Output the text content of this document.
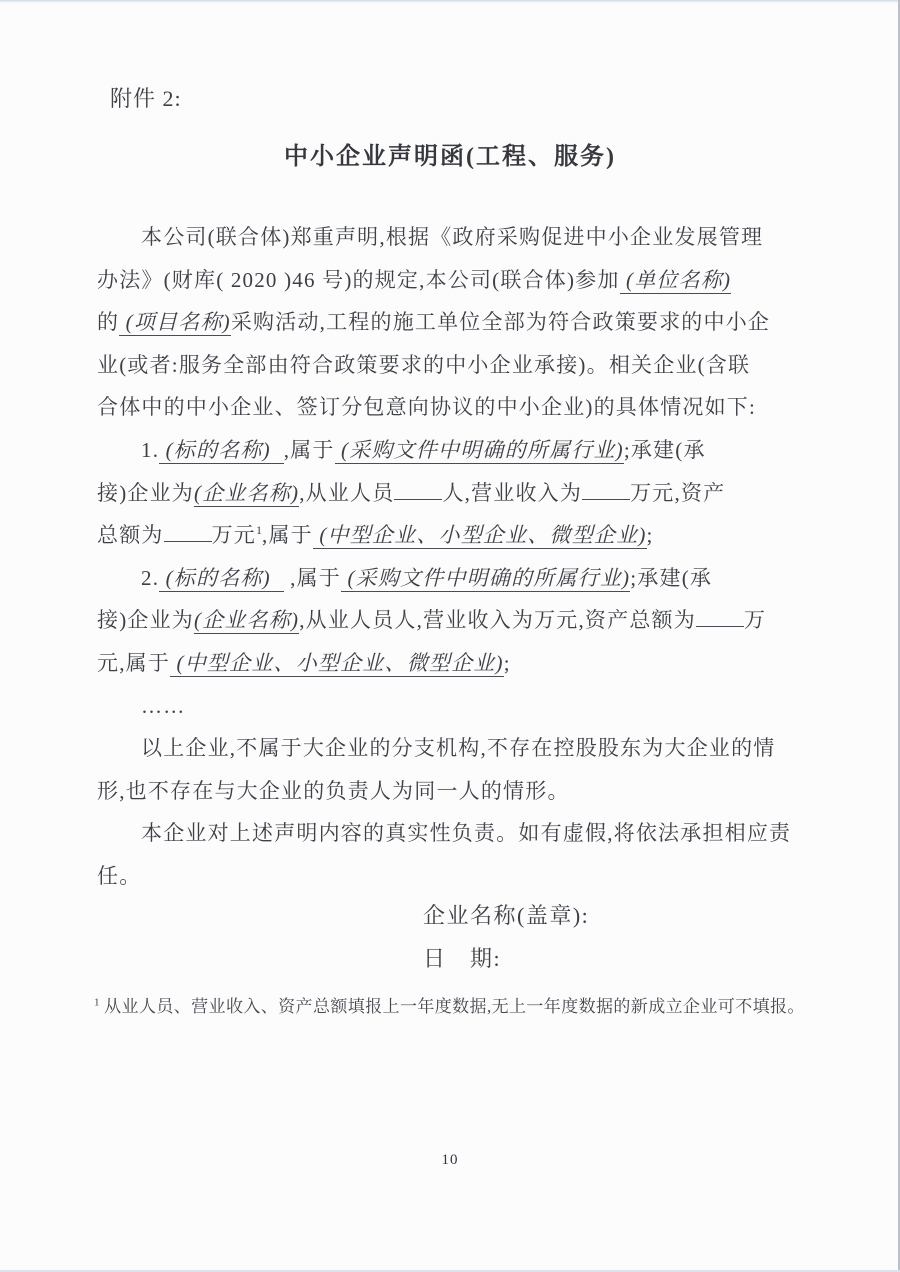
附件 2:
中小企业声明函(工程、服务)
本公司(联合体)郑重声明,根据《政府采购促进中小企业发展管理
办法》(财库( 2020 )46 号)的规定,本公司(联合体)参加 (单位名称)
的 (项目名称)采购活动,工程的施工单位全部为符合政策要求的中小企
业(或者:服务全部由符合政策要求的中小企业承接)。相关企业(含联
合体中的中小企业、签订分包意向协议的中小企业)的具体情况如下:
1. (标的名称)  ,属于 (采购文件中明确的所属行业);承建(承
接)企业为(企业名称),从业人员 人,营业收入为 万元,资产
总额为 万元$^1$,属于 (中型企业、小型企业、微型企业);
2. (标的名称)   ,属于 (采购文件中明确的所属行业);承建(承
接)企业为(企业名称),从业人员人,营业收入为万元,资产总额为 万
元,属于 (中型企业、小型企业、微型企业);
……
以上企业,不属于大企业的分支机构,不存在控股股东为大企业的情
形,也不存在与大企业的负责人为同一人的情形。
本企业对上述声明内容的真实性负责。如有虚假,将依法承担相应责
任。
企业名称(盖章):
日　期:
$^1$ 从业人员、营业收入、资产总额填报上一年度数据,无上一年度数据的新成立企业可不填报。
10
